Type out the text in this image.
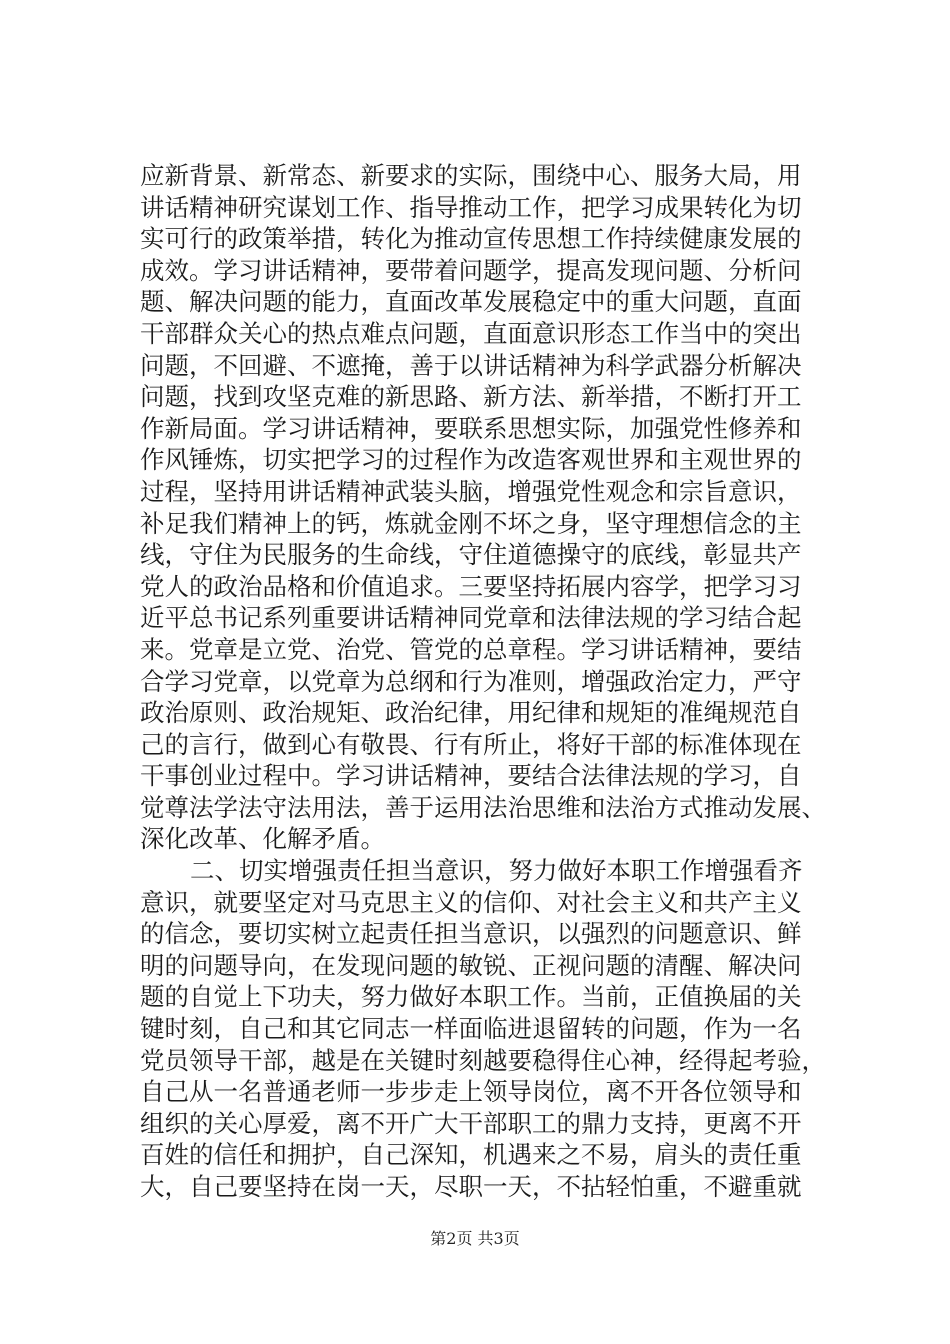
应新背景、新常态、新要求的实际，围绕中心、服务大局，用
讲话精神研究谋划工作、指导推动工作，把学习成果转化为切
实可行的政策举措，转化为推动宣传思想工作持续健康发展的
成效。学习讲话精神，要带着问题学，提高发现问题、分析问
题、解决问题的能力，直面改革发展稳定中的重大问题，直面
干部群众关心的热点难点问题，直面意识形态工作当中的突出
问题，不回避、不遮掩，善于以讲话精神为科学武器分析解决
问题，找到攻坚克难的新思路、新方法、新举措，不断打开工
作新局面。学习讲话精神，要联系思想实际，加强党性修养和
作风锤炼，切实把学习的过程作为改造客观世界和主观世界的
过程，坚持用讲话精神武装头脑，增强党性观念和宗旨意识，
补足我们精神上的钙，炼就金刚不坏之身，坚守理想信念的主
线，守住为民服务的生命线，守住道德操守的底线，彰显共产
党人的政治品格和价值追求。三要坚持拓展内容学，把学习习
近平总书记系列重要讲话精神同党章和法律法规的学习结合起
来。党章是立党、治党、管党的总章程。学习讲话精神，要结
合学习党章，以党章为总纲和行为准则，增强政治定力，严守
政治原则、政治规矩、政治纪律，用纪律和规矩的准绳规范自
己的言行，做到心有敬畏、行有所止，将好干部的标准体现在
干事创业过程中。学习讲话精神，要结合法律法规的学习，自
觉尊法学法守法用法，善于运用法治思维和法治方式推动发展、
深化改革、化解矛盾。
二、切实增强责任担当意识，努力做好本职工作增强看齐
意识，就要坚定对马克思主义的信仰、对社会主义和共产主义
的信念，要切实树立起责任担当意识，以强烈的问题意识、鲜
明的问题导向，在发现问题的敏锐、正视问题的清醒、解决问
题的自觉上下功夫，努力做好本职工作。当前，正值换届的关
键时刻，自己和其它同志一样面临进退留转的问题，作为一名
党员领导干部，越是在关键时刻越要稳得住心神，经得起考验，
自己从一名普通老师一步步走上领导岗位，离不开各位领导和
组织的关心厚爱，离不开广大干部职工的鼎力支持，更离不开
百姓的信任和拥护，自己深知，机遇来之不易，肩头的责任重
大，自己要坚持在岗一天，尽职一天，不拈轻怕重，不避重就
第2页 共3页
